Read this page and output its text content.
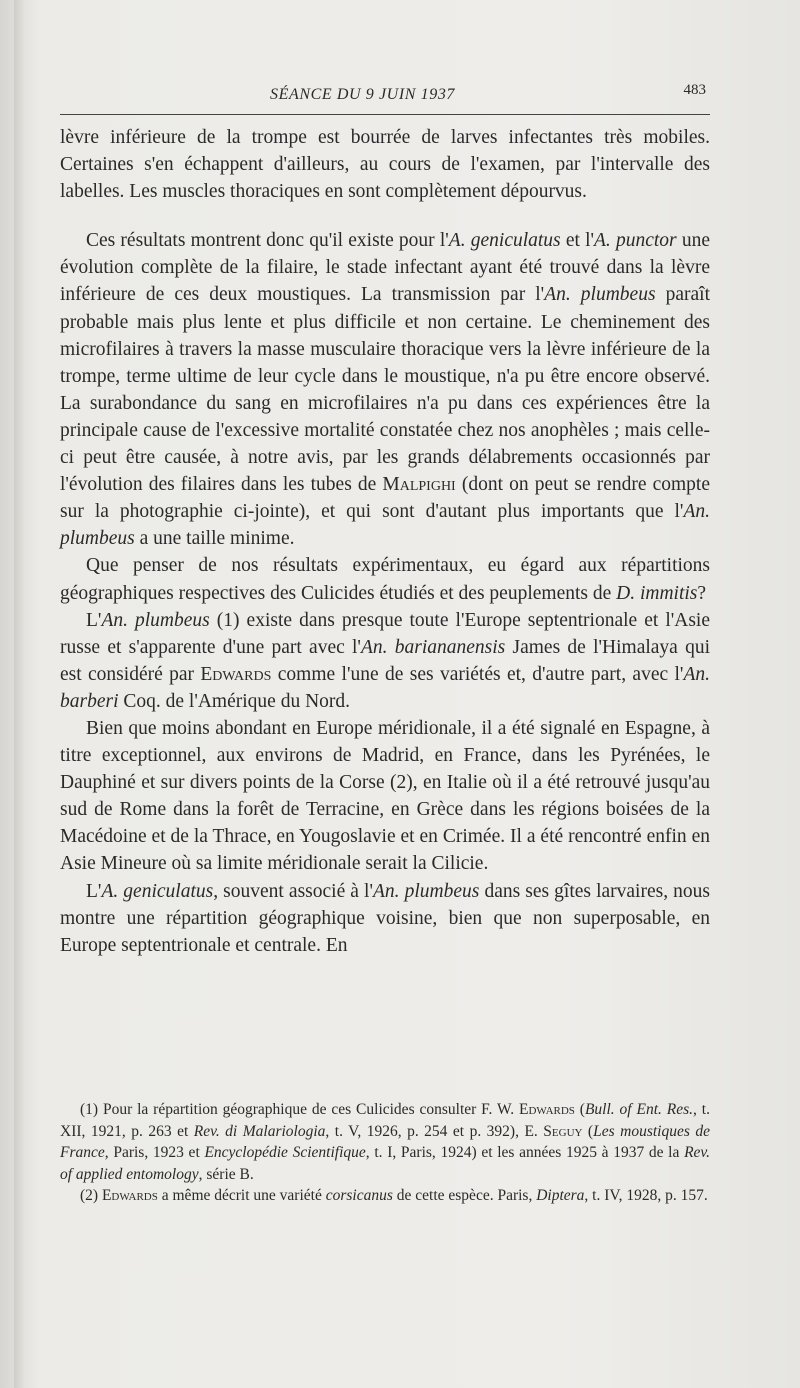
SÉANCE DU 9 JUIN 1937	483

lèvre inférieure de la trompe est bourrée de larves infectantes très mobiles. Certaines s'en échappent d'ailleurs, au cours de l'examen, par l'intervalle des labelles. Les muscles thoraciques en sont complètement dépourvus.

Ces résultats montrent donc qu'il existe pour l'A. geniculatus et l'A. punctor une évolution complète de la filaire, le stade infectant ayant été trouvé dans la lèvre inférieure de ces deux moustiques. La transmission par l'An. plumbeus paraît probable mais plus lente et plus difficile et non certaine. Le cheminement des microfilaires à travers la masse musculaire thoracique vers la lèvre inférieure de la trompe, terme ultime de leur cycle dans le moustique, n'a pu être encore observé. La surabondance du sang en microfilaires n'a pu dans ces expériences être la principale cause de l'excessive mortalité constatée chez nos anophèles ; mais celle-ci peut être causée, à notre avis, par les grands délabrements occasionnés par l'évolution des filaires dans les tubes de Malpighi (dont on peut se rendre compte sur la photographie ci-jointe), et qui sont d'autant plus importants que l'An. plumbeus a une taille minime.

Que penser de nos résultats expérimentaux, eu égard aux répartitions géographiques respectives des Culicides étudiés et des peuplements de D. immitis?

L'An. plumbeus (1) existe dans presque toute l'Europe septentrionale et l'Asie russe et s'apparente d'une part avec l'An. bariananensis James de l'Himalaya qui est considéré par Edwards comme l'une de ses variétés et, d'autre part, avec l'An. barberi Coq. de l'Amérique du Nord.

Bien que moins abondant en Europe méridionale, il a été signalé en Espagne, à titre exceptionnel, aux environs de Madrid, en France, dans les Pyrénées, le Dauphiné et sur divers points de la Corse (2), en Italie où il a été retrouvé jusqu'au sud de Rome dans la forêt de Terracine, en Grèce dans les régions boisées de la Macédoine et de la Thrace, en Yougoslavie et en Crimée. Il a été rencontré enfin en Asie Mineure où sa limite méridionale serait la Cilicie.

L'A. geniculatus, souvent associé à l'An. plumbeus dans ses gîtes larvaires, nous montre une répartition géographique voisine, bien que non superposable, en Europe septentrionale et centrale. En

(1) Pour la répartition géographique de ces Culicides consulter F. W. Edwards (Bull. of Ent. Res., t. XII, 1921, p. 263 et Rev. di Malariologia, t. V, 1926, p. 254 et p. 392), E. Seguy (Les moustiques de France, Paris, 1923 et Encyclopédie Scientifique, t. I, Paris, 1924) et les années 1925 à 1937 de la Rev. of applied entomology, série B.

(2) Edwards a même décrit une variété corsicanus de cette espèce. Paris, Diptera, t. IV, 1928, p. 157.
